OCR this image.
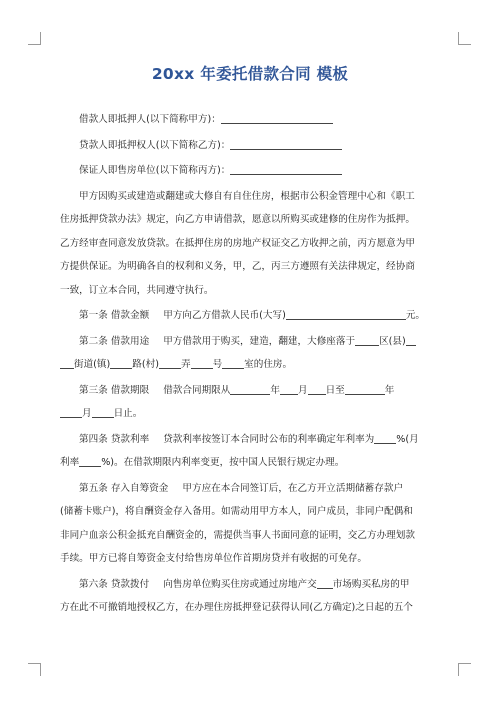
20xx 年委托借款合同 模板
借款人即抵押人(以下简称甲方)：
贷款人即抵押权人(以下简称乙方)：
保证人即售房单位(以下简称丙方)：
甲方因购买或建造或翻建或大修自有自住住房，根据市公积金管理中心和《职工
住房抵押贷款办法》规定，向乙方申请借款，愿意以所购买或建修的住房作为抵押。
乙方经审查同意发放贷款。在抵押住房的房地产权证交乙方收押之前，丙方愿意为甲
方提供保证。为明确各自的权利和义务，甲，乙，丙三方遵照有关法律规定，经协商
一致，订立本合同，共同遵守执行。
第一条 借款金额 甲方向乙方借款人民币(大写)	元。
第二条 借款用途 甲方借款用于购买，建造，翻建，大修座落于	区(县)
街道(镇) 路(村) 弄 号 室的住房。
第三条 借款期限 借款合同期限从	年 月 日至	年
月 日止。
第四条 贷款利率 贷款利率按签订本合同时公布的利率确定年利率为 %(月
利率 %)。在借款期限内利率变更，按中国人民银行规定办理。
第五条 存入自筹资金 甲方应在本合同签订后，在乙方开立活期储蓄存款户
(储蓄卡账户)，将自酬资金存入备用。如需动用甲方本人，同户成员，非同户配偶和
非同户血亲公积金抵充自酬资金的，需提供当事人书面同意的证明，交乙方办理划款
手续。甲方已将自筹资金支付给售房单位作首期房贷并有收据的可免存。
第六条 贷款拨付 向售房单位购买住房或通过房地产交 市场购买私房的甲
方在此不可撤销地授权乙方，在办理住房抵押登记获得认同(乙方确定)之日起的五个
